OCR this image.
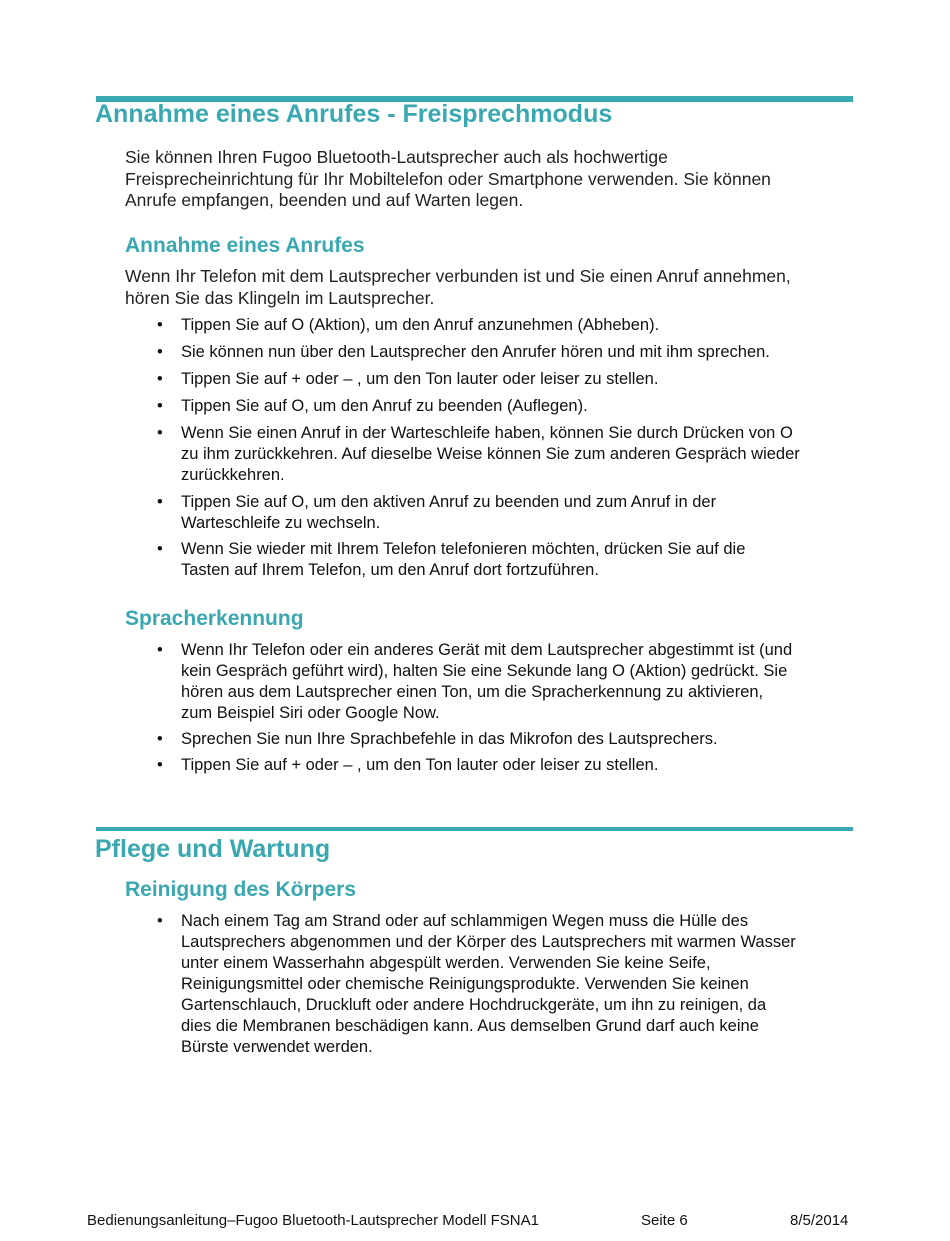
Annahme eines Anrufes - Freisprechmodus
Sie können Ihren Fugoo Bluetooth-Lautsprecher auch als hochwertige
Freisprecheinrichtung für Ihr Mobiltelefon oder Smartphone verwenden. Sie können
Anrufe empfangen, beenden und auf Warten legen.
Annahme eines Anrufes
Wenn Ihr Telefon mit dem Lautsprecher verbunden ist und Sie einen Anruf annehmen,
hören Sie das Klingeln im Lautsprecher.
• Tippen Sie auf O (Aktion), um den Anruf anzunehmen (Abheben).
• Sie können nun über den Lautsprecher den Anrufer hören und mit ihm sprechen.
• Tippen Sie auf + oder – , um den Ton lauter oder leiser zu stellen.
• Tippen Sie auf O, um den Anruf zu beenden (Auflegen).
• Wenn Sie einen Anruf in der Warteschleife haben, können Sie durch Drücken von O
zu ihm zurückkehren. Auf dieselbe Weise können Sie zum anderen Gespräch wieder
zurückkehren.
• Tippen Sie auf O, um den aktiven Anruf zu beenden und zum Anruf in der
Warteschleife zu wechseln.
• Wenn Sie wieder mit Ihrem Telefon telefonieren möchten, drücken Sie auf die
Tasten auf Ihrem Telefon, um den Anruf dort fortzuführen.
Spracherkennung
• Wenn Ihr Telefon oder ein anderes Gerät mit dem Lautsprecher abgestimmt ist (und
kein Gespräch geführt wird), halten Sie eine Sekunde lang O (Aktion) gedrückt. Sie
hören aus dem Lautsprecher einen Ton, um die Spracherkennung zu aktivieren,
zum Beispiel Siri oder Google Now.
• Sprechen Sie nun Ihre Sprachbefehle in das Mikrofon des Lautsprechers.
• Tippen Sie auf + oder – , um den Ton lauter oder leiser zu stellen.
Pflege und Wartung
Reinigung des Körpers
• Nach einem Tag am Strand oder auf schlammigen Wegen muss die Hülle des
Lautsprechers abgenommen und der Körper des Lautsprechers mit warmen Wasser
unter einem Wasserhahn abgespült werden. Verwenden Sie keine Seife,
Reinigungsmittel oder chemische Reinigungsprodukte. Verwenden Sie keinen
Gartenschlauch, Druckluft oder andere Hochdruckgeräte, um ihn zu reinigen, da
dies die Membranen beschädigen kann. Aus demselben Grund darf auch keine
Bürste verwendet werden.
Bedienungsanleitung–Fugoo Bluetooth-Lautsprecher Modell FSNA1	Seite 6	8/5/2014
